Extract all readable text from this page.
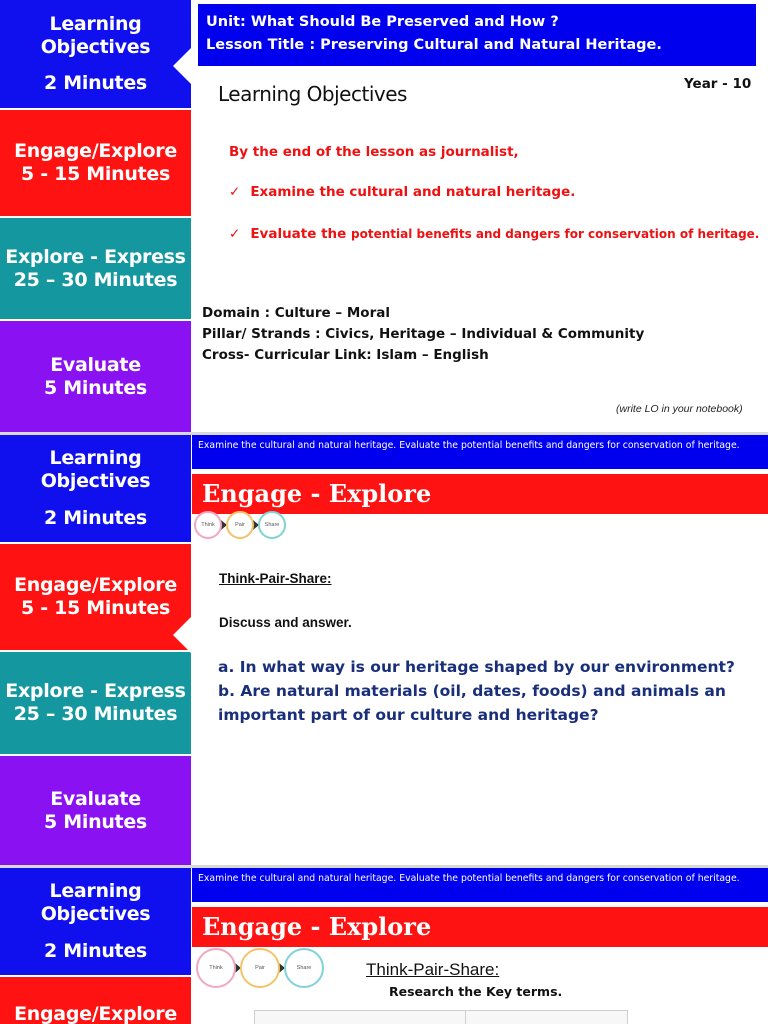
Learning
Objectives
2 Minutes
Engage/Explore
5 - 15 Minutes
Explore - Express
25 – 30 Minutes
Evaluate
5 Minutes
Unit: What Should Be Preserved and How ?
Lesson Title : Preserving Cultural and Natural Heritage.
Learning Objectives	Year - 10
By the end of the lesson as journalist,
✓ Examine the cultural and natural heritage.
✓ Evaluate the potential benefits and dangers for conservation of heritage.
Domain : Culture – Moral
Pillar/ Strands : Civics, Heritage – Individual & Community
Cross- Curricular Link: Islam – English
(write LO in your notebook)
Learning
Objectives
2 Minutes
Engage/Explore
5 - 15 Minutes
Explore - Express
25 – 30 Minutes
Evaluate
5 Minutes
Examine the cultural and natural heritage. Evaluate the potential benefits and dangers for conservation of heritage.
Engage - Explore
Think	Pair	Share
Think-Pair-Share:
Discuss and answer.
a. In what way is our heritage shaped by our environment?
b. Are natural materials (oil, dates, foods) and animals an important part of our culture and heritage?
Learning
Objectives
2 Minutes
Engage/Explore
Examine the cultural and natural heritage. Evaluate the potential benefits and dangers for conservation of heritage.
Engage - Explore
Think	Pair	Share	Think-Pair-Share:
Research the Key terms.
